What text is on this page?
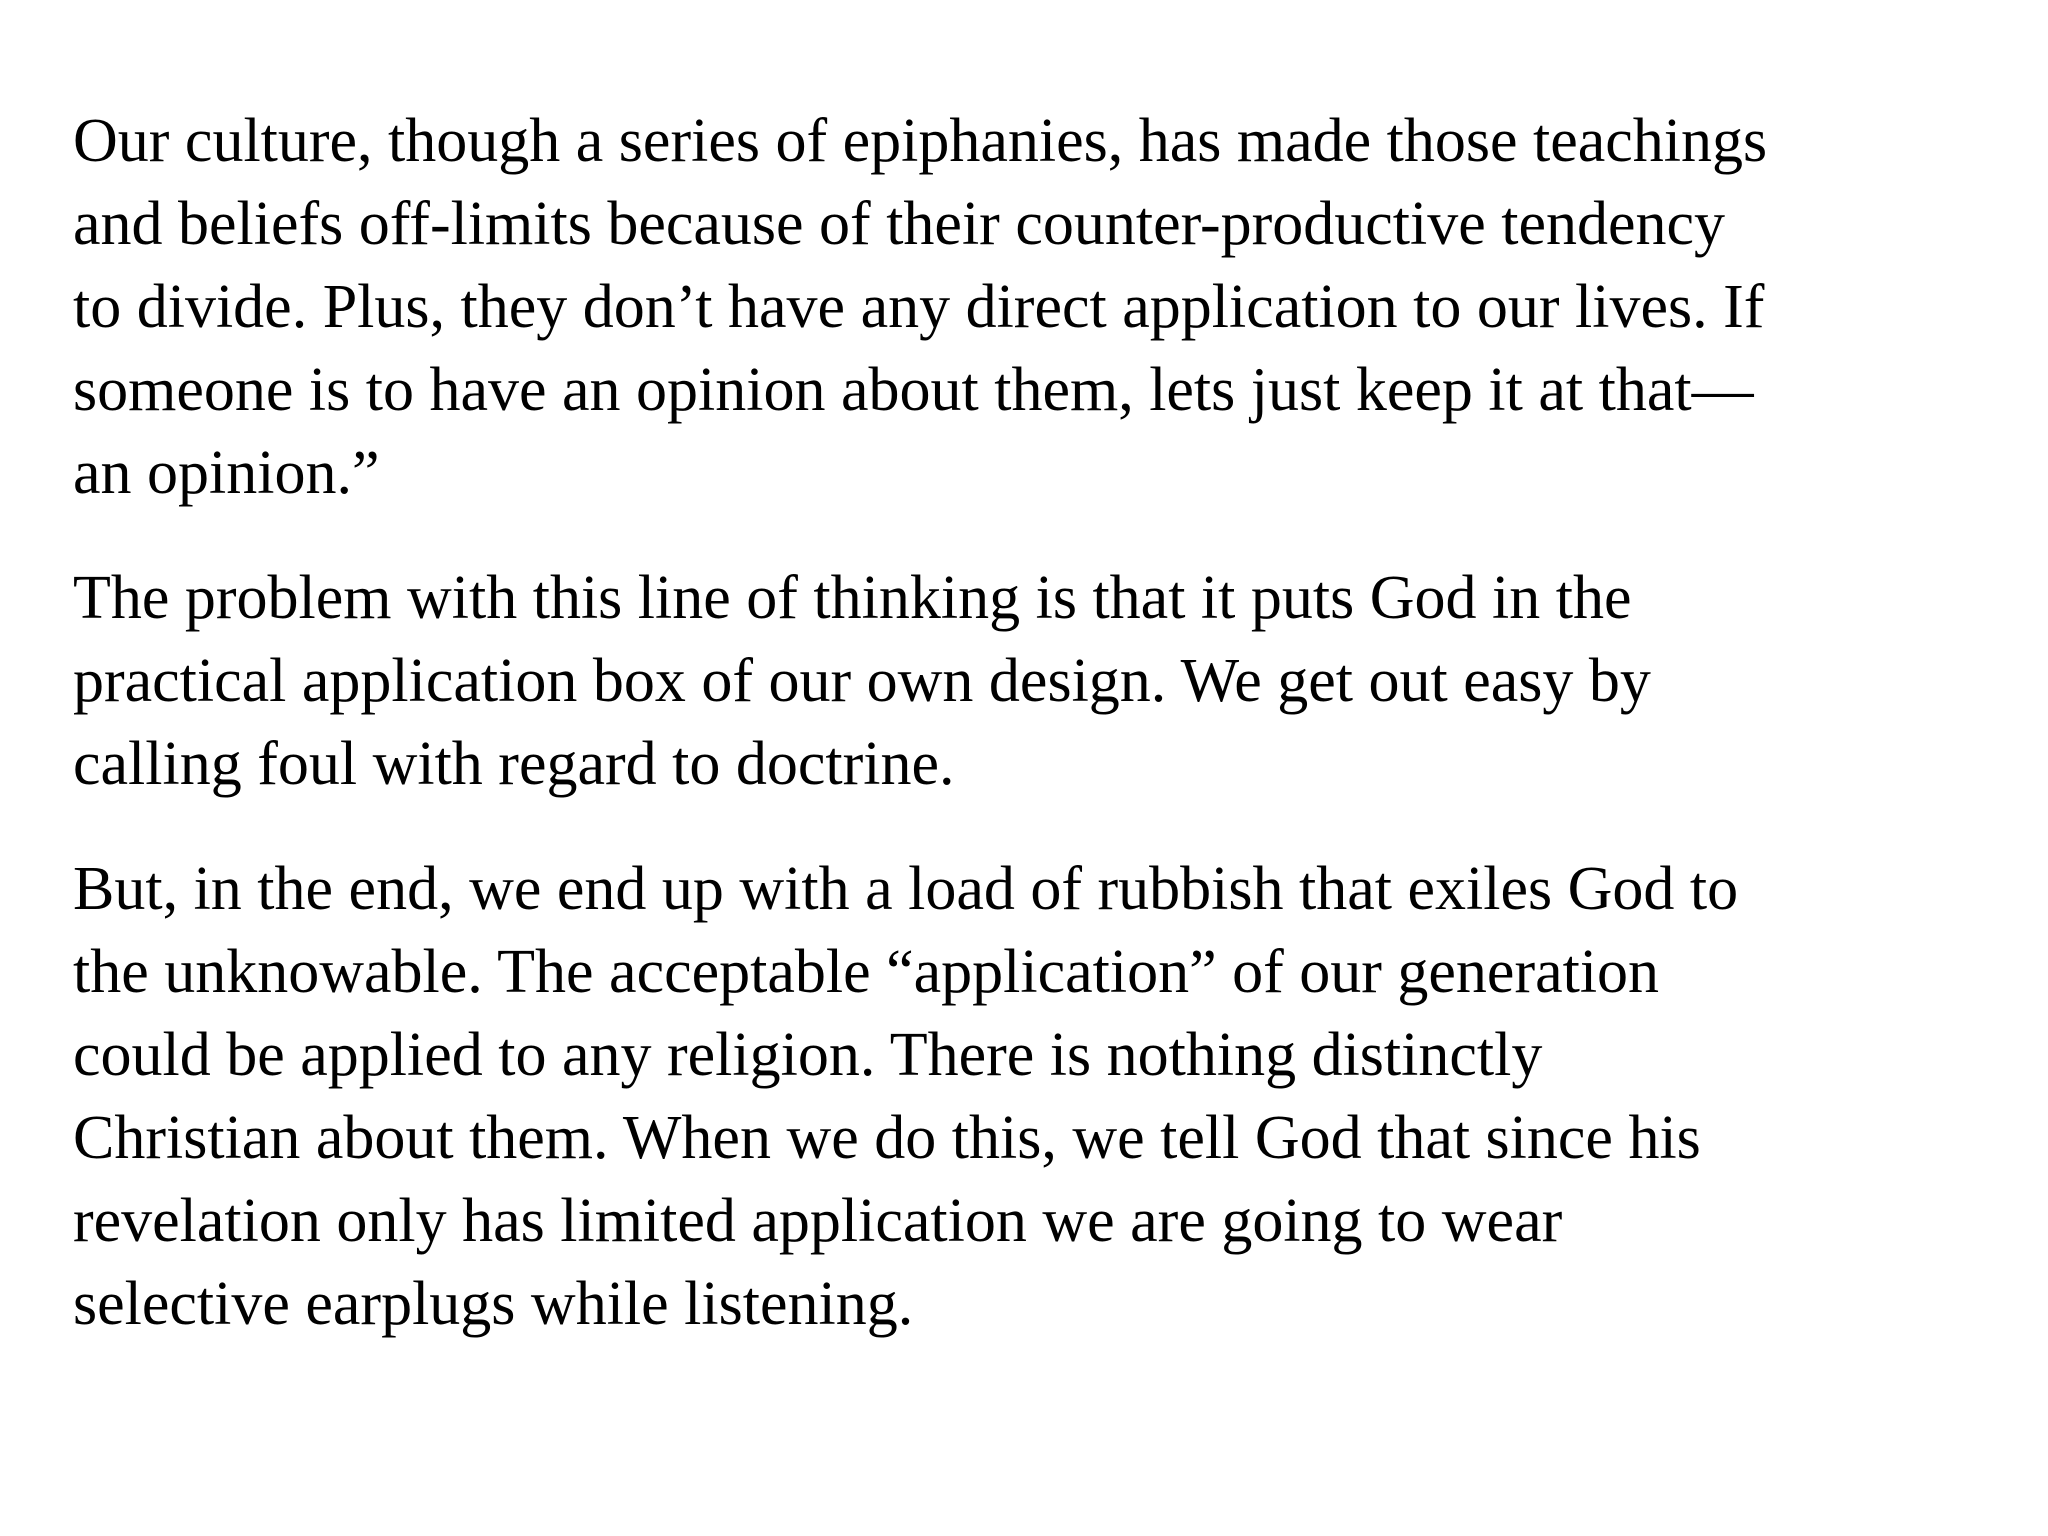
Our culture, though a series of epiphanies, has made those teachings
and beliefs off-limits because of their counter-productive tendency
to divide. Plus, they don’t have any direct application to our lives. If
someone is to have an opinion about them, lets just keep it at that—
an opinion.”

The problem with this line of thinking is that it puts God in the
practical application box of our own design. We get out easy by
calling foul with regard to doctrine.

But, in the end, we end up with a load of rubbish that exiles God to
the unknowable. The acceptable “application” of our generation
could be applied to any religion. There is nothing distinctly
Christian about them. When we do this, we tell God that since his
revelation only has limited application we are going to wear
selective earplugs while listening.
